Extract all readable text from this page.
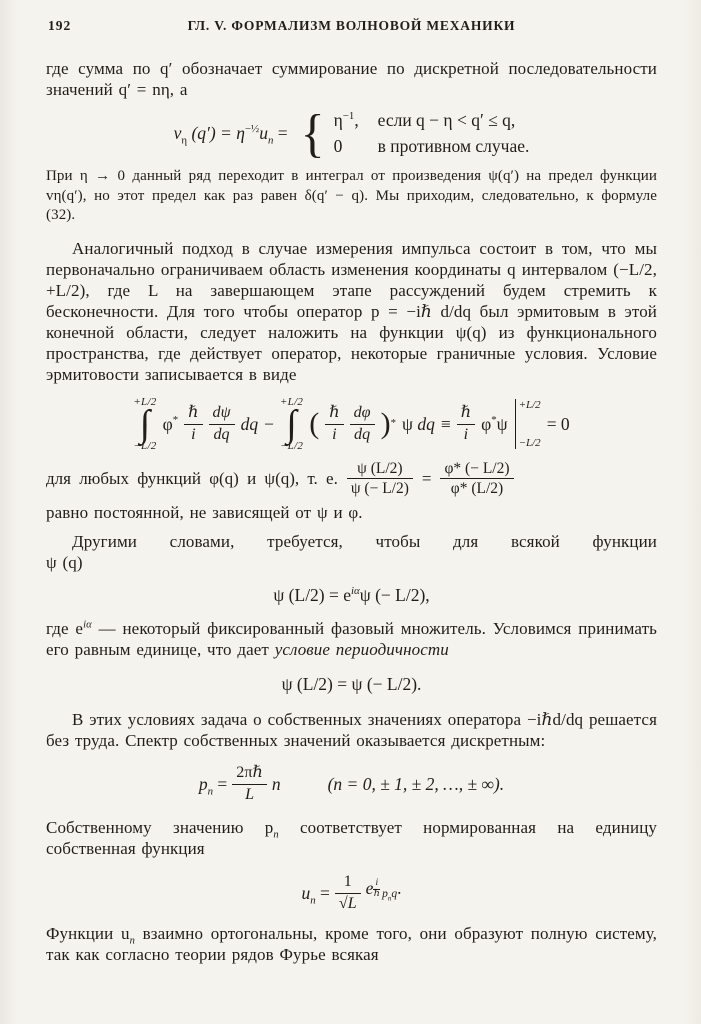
192	ГЛ. V. ФОРМАЛИЗМ ВОЛНОВОЙ МЕХАНИКИ

где сумма по q′ обозначает суммирование по дискретной последовательности значений q′ = nη, а

$v_\eta$ $(q') = \eta^{-\frac{1}{2}}u_n$ = { $\eta^{-1}$,	если q − η < q′ ≤ q,
0	в противном случае.

При η → 0 данный ряд переходит в интеграл от произведения ψ(q′) на предел функции vη(q′), но этот предел как раз равен δ(q′ − q). Мы приходим, следовательно, к формуле (32).

Аналогичный подход в случае измерения импульса состоит в том, что мы первоначально ограничиваем область изменения координаты q интервалом (−L/2, +L/2), где L на завершающем этапе рассуждений будем стремить к бесконечности. Для того чтобы оператор p = −iℏ d/dq был эрмитовым в этой конечной области, следует наложить на функции ψ(q) из функционального пространства, где действует оператор, некоторые граничные условия. Условие эрмитовости записывается в виде

+L/2
∫
−L/2
$\varphi^* \frac{\text{ℏ}}{i} \frac{d\psi}{dq}$ dq −
+L/2
∫
−L/2
( $\frac{\text{ℏ}}{i} \frac{d\varphi}{dq} )^*$ ψ dq ≡ $\frac{\text{ℏ}}{i} \varphi^*\psi$
+L/2
−L/2
= 0
для любых функций φ(q) и ψ(q), т. е. $\frac{\psi (L/2)}{\psi (- L/2)} = \frac{\varphi* (- L/2)}{\varphi* (L/2)}$

равно постоянной, не зависящей от ψ и φ.

Другими словами, требуется, чтобы для всякой функции
ψ (q)

ψ $(L/2) = e^{i\alpha}\psi$ (− L/2),

где $e^{i\alpha}$ — некоторый фиксированный фазовый множитель. Условимся принимать его равным единице, что дает условие периодичности

ψ (L/2) = ψ (− L/2).

В этих условиях задача о собственных значениях оператора −iℏd/dq решается без труда. Спектр собственных значений оказывается дискретным:

$p_n = \frac{\text{2πℏ}}{L}$ n	(n = 0, ± 1, ± 2, …, ± ∞).

Собственному значению $p_n$ соответствует нормированная на единицу собственная функция

$u_n = \frac{1}{√L}$ e $\frac{i}{\text{ℏ}} p_nq$ .

Функции $u_n$ взаимно ортогональны, кроме того, они образуют полную систему, так как согласно теории рядов Фурье всякая
